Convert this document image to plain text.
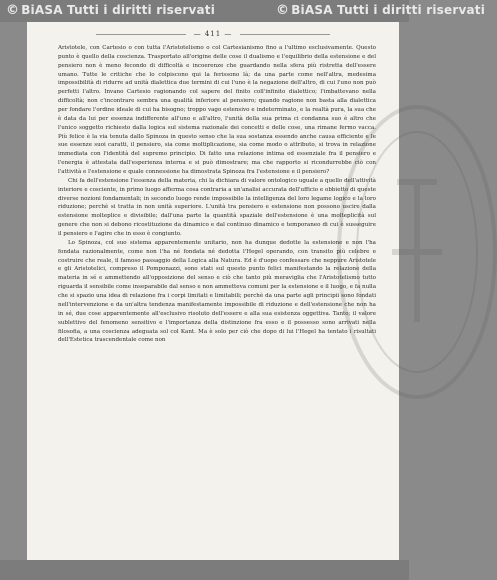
© BiASA Tutti i diritti riservati	© BiASA Tutti i diritti riservati
— 411 —

Aristotele, con Cartesio o con tutta l'Aristotelismo o col Cartesianismo fino a l'ultimo esclusivamente. Questo punto è quello della coscienza. Trasportato all'origine delle cose il dualismo e l'equilibrio della estensione e del pensiero non è meno fecondo di difficoltà e incoerenze che guardando nella sfera più ristretta dell'essere umano. Tutte le critiche che lo colpiscono qui la ferissono là; da una parte come nell'altra, medesima impossibilità di ridurre ad unità dialettica due termini di cui l'uno è la negazione dell'altro, di cui l'uno non può perfetti l'altro. Invano Cartesio ragionando col sapere del finito coll'infinito dialettico; l'imbattevano nella difficoltà; non c'incontrare sembra una qualità inferiore al pensiero; quando ragione non basta alla dialettica per fondare l'ordine ideale di cui ha bisogno; troppo vago estensivo e indeterminato, e la realtà pura, la sua che è data da lui per essenza indifferente all'uno e all'altro, l'unità della sua prima ci condanna suo è altro che l'unico soggetto richiesto dalla logica sul sistema razionale dei concetti e delle cose, una rimane fermo vacca. Più felice è la via tenuta dallo Spinoza in questo senso che la sua sostanza essendo anche causa efficiente e le sue essenze suoi caratti, il pensiero, sia come moltiplicazione, sia come modo o attributo, si trova in relazione immediata con l'identità del supremo principio. Di fatto una relazione intima ed essenziale fra il pensiero e l'energia è attestata dall'esperienza interna e si può dimostrare; ma che rapporto si ricondurrebbe ciò con l'attività e l'estensione e quale connessione ha dimostrata Spinoza fra l'estensione e il pensiero?

Chi fa dell'estensione l'essenza della materia, chi la dichiara di valore ontologico uguale a quello dell'attività interiore e cosciente, in primo luogo afferma cosa contraria a un'analisi accurata dell'ufficio e obbietto di queste diverse nozioni fondamentali; in secondo luogo rende impossibile la intelligenza del loro legame logico e la loro riduzione; perchè si tratta in non unità superiore. L'unità tra pensiero e estensione non possono uscire dalla estensione molteplice e divisibile; dall'una parte la quantità spaziale dell'estensione è una molteplicità sul genere che non si debono ricostituzione da dinamico e dal continuo dinamico e temporaneo di cui è susseguire il pensiero e l'agire che in esso è congiunto.

Lo Spinoza, col suo sistema apparentemente unitario, non ha dunque dedotte la estensione e non l'ha fondata razionalmente, come non l'ha né fondata né dedotta l'Hegel operando, con transito più celebre e costruire che reale, il famoso passaggio della Logica alla Natura. Ed è d'uopo confessare che neppure Aristotele e gli Aristotelici, compreso il Pomponazzi, sono stati sul questo punto felici manifestando la relazione della materia in sé e ammettendo all'opposizione del senso e ciò che tanto più meraviglia che l'Aristotelismo tutto riguarda il sensibile come inseparabile dal senso e non ammetteva comuni per la estensione e il luogo, e fa nulla che si spazio una idea di relazione fra i corpi limitati e limitabili; perchè da una parte agli principii sono fondati nell'intervenzione e da un'altra tendenza manifestamente impossibile di riduzione e dell'estensione che non ha in sé, due cose apparentemente all'esclusivo risoluto dell'essere e alla sua esistenza oggettiva. Tanto; il valore sublettivo del fenomeno sensitivo e l'importanza della distinzione fra esso e il possesso sono arrivati nella filosofia, a una coscienza adeguata sol col Kant. Ma è solo per ciò che dopo di lui l'Hegel ha tentato i risultati dell'Estetica trascendentale come non
